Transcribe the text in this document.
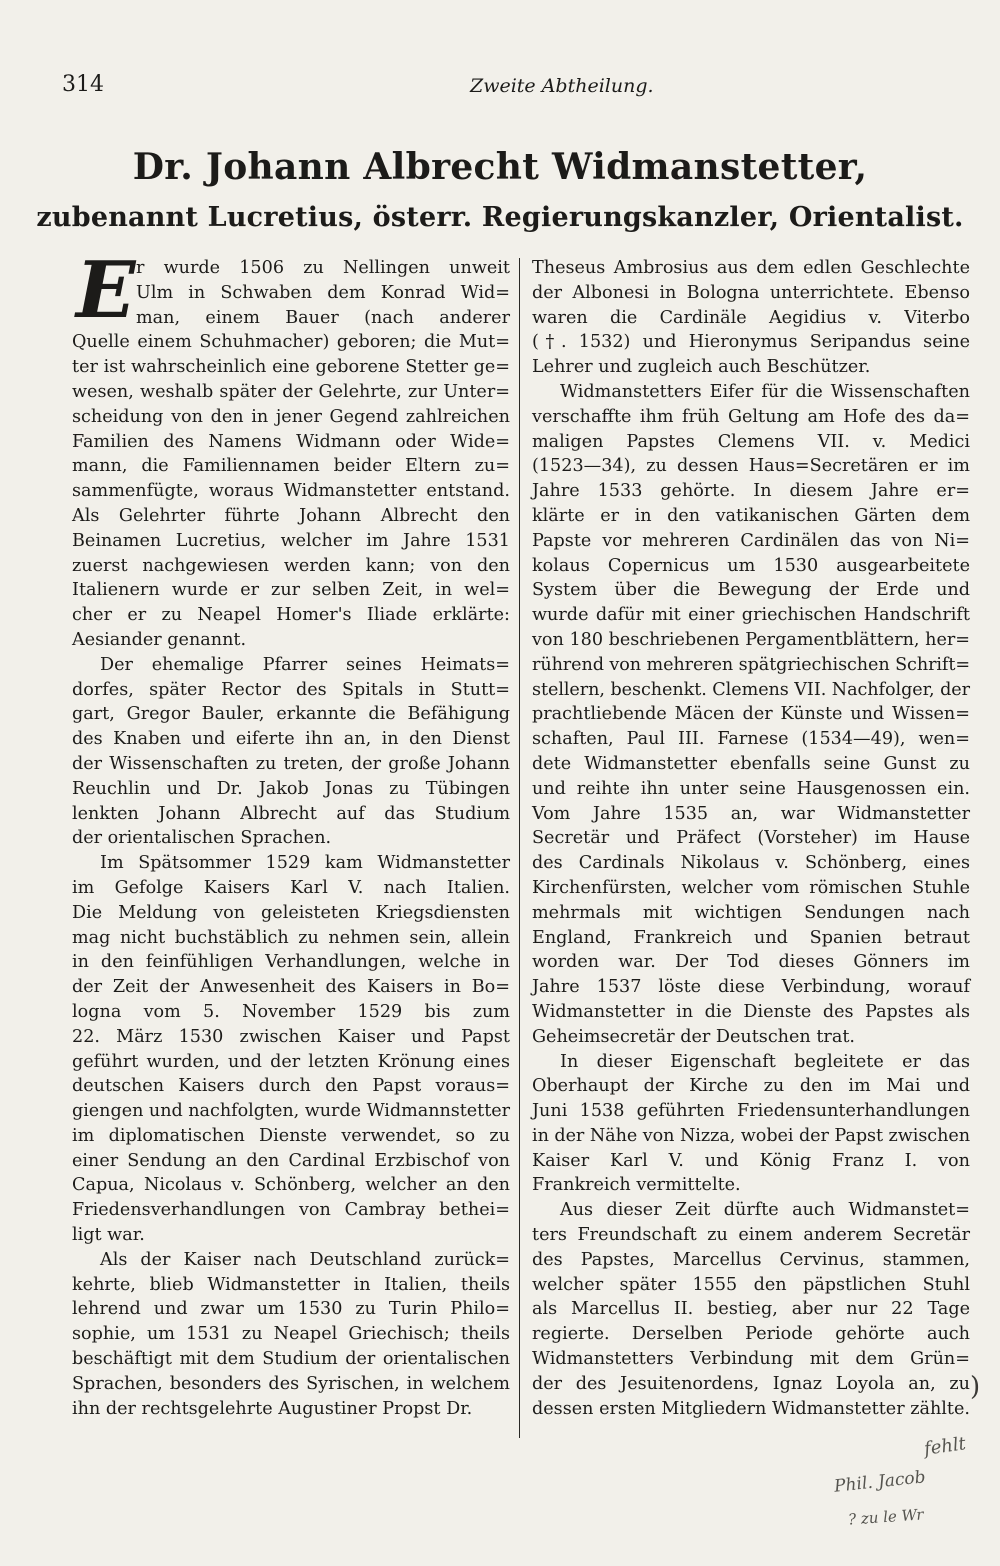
314	Zweite Abtheilung.
Dr. Johann Albrecht Widmanstetter,
zubenannt Lucretius, österr. Regierungskanzler, Orientalist.
E r wurde 1506 zu Nellingen unweit
Ulm in Schwaben dem Konrad Wid=
man, einem Bauer (nach anderer
Quelle einem Schuhmacher) geboren; die Mut=
ter ist wahrscheinlich eine geborene Stetter ge=
wesen, weshalb später der Gelehrte, zur Unter=
scheidung von den in jener Gegend zahlreichen
Familien des Namens Widmann oder Wide=
mann, die Familiennamen beider Eltern zu=
sammenfügte, woraus Widmanstetter entstand.
Als Gelehrter führte Johann Albrecht den
Beinamen Lucretius, welcher im Jahre 1531
zuerst nachgewiesen werden kann; von den
Italienern wurde er zur selben Zeit, in wel=
cher er zu Neapel Homer's Iliade erklärte:
Aesiander genannt.
Der ehemalige Pfarrer seines Heimats=
dorfes, später Rector des Spitals in Stutt=
gart, Gregor Bauler, erkannte die Befähigung
des Knaben und eiferte ihn an, in den Dienst
der Wissenschaften zu treten, der große Johann
Reuchlin und Dr. Jakob Jonas zu Tübingen
lenkten Johann Albrecht auf das Studium
der orientalischen Sprachen.
Im Spätsommer 1529 kam Widmanstetter
im Gefolge Kaisers Karl V. nach Italien.
Die Meldung von geleisteten Kriegsdiensten
mag nicht buchstäblich zu nehmen sein, allein
in den feinfühligen Verhandlungen, welche in
der Zeit der Anwesenheit des Kaisers in Bo=
logna vom 5. November 1529 bis zum
22. März 1530 zwischen Kaiser und Papst
geführt wurden, und der letzten Krönung eines
deutschen Kaisers durch den Papst voraus=
giengen und nachfolgten, wurde Widmannstetter
im diplomatischen Dienste verwendet, so zu
einer Sendung an den Cardinal Erzbischof von
Capua, Nicolaus v. Schönberg, welcher an den
Friedensverhandlungen von Cambray bethei=
ligt war.
Als der Kaiser nach Deutschland zurück=
kehrte, blieb Widmanstetter in Italien, theils
lehrend und zwar um 1530 zu Turin Philo=
sophie, um 1531 zu Neapel Griechisch; theils
beschäftigt mit dem Studium der orientalischen
Sprachen, besonders des Syrischen, in welchem
ihn der rechtsgelehrte Augustiner Propst Dr.
Theseus Ambrosius aus dem edlen Geschlechte
der Albonesi in Bologna unterrichtete. Ebenso
waren die Cardinäle Aegidius v. Viterbo
(†. 1532) und Hieronymus Seripandus seine
Lehrer und zugleich auch Beschützer.
Widmanstetters Eifer für die Wissenschaften
verschaffte ihm früh Geltung am Hofe des da=
maligen Papstes Clemens VII. v. Medici
(1523—34), zu dessen Haus=Secretären er im
Jahre 1533 gehörte. In diesem Jahre er=
klärte er in den vatikanischen Gärten dem
Papste vor mehreren Cardinälen das von Ni=
kolaus Copernicus um 1530 ausgearbeitete
System über die Bewegung der Erde und
wurde dafür mit einer griechischen Handschrift
von 180 beschriebenen Pergamentblättern, her=
rührend von mehreren spätgriechischen Schrift=
stellern, beschenkt. Clemens VII. Nachfolger, der
prachtliebende Mäcen der Künste und Wissen=
schaften, Paul III. Farnese (1534—49), wen=
dete Widmanstetter ebenfalls seine Gunst zu
und reihte ihn unter seine Hausgenossen ein.
Vom Jahre 1535 an, war Widmanstetter
Secretär und Präfect (Vorsteher) im Hause
des Cardinals Nikolaus v. Schönberg, eines
Kirchenfürsten, welcher vom römischen Stuhle
mehrmals mit wichtigen Sendungen nach
England, Frankreich und Spanien betraut
worden war. Der Tod dieses Gönners im
Jahre 1537 löste diese Verbindung, worauf
Widmanstetter in die Dienste des Papstes als
Geheimsecretär der Deutschen trat.
In dieser Eigenschaft begleitete er das
Oberhaupt der Kirche zu den im Mai und
Juni 1538 geführten Friedensunterhandlungen
in der Nähe von Nizza, wobei der Papst zwischen
Kaiser Karl V. und König Franz I. von
Frankreich vermittelte.
Aus dieser Zeit dürfte auch Widmanstet=
ters Freundschaft zu einem anderem Secretär
des Papstes, Marcellus Cervinus, stammen,
welcher später 1555 den päpstlichen Stuhl
als Marcellus II. bestieg, aber nur 22 Tage
regierte. Derselben Periode gehörte auch
Widmanstetters Verbindung mit dem Grün=
der des Jesuitenordens, Ignaz Loyola an, zu
dessen ersten Mitgliedern Widmanstetter zählte.
)
fehlt
Phil. Jacob
? zu le Wr
